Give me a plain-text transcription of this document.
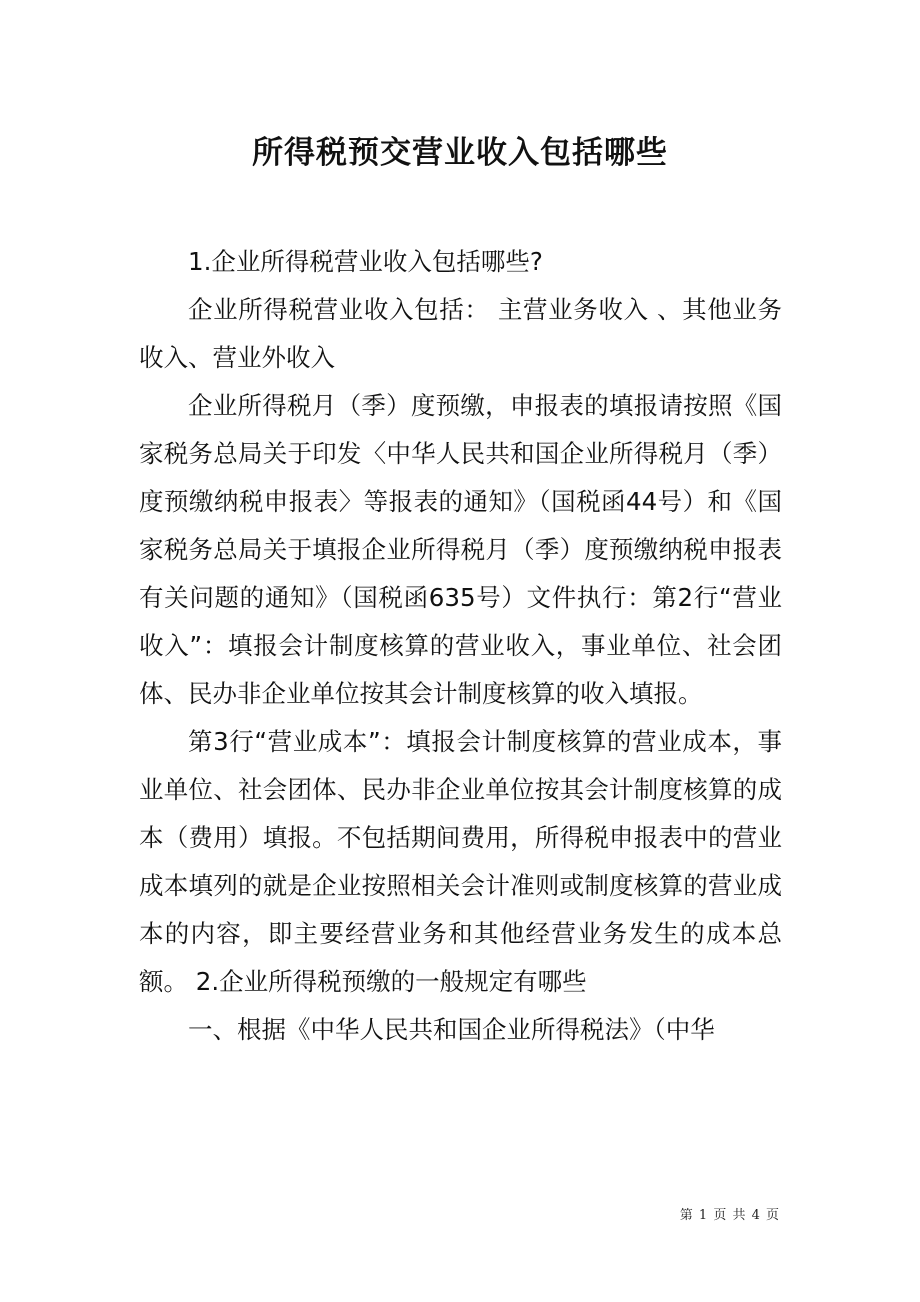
所得税预交营业收入包括哪些

1.企业所得税营业收入包括哪些?

企业所得税营业收入包括： 主营业务收入 、其他业务收入、营业外收入

企业所得税月（季）度预缴，申报表的填报请按照《国家税务总局关于印发〈中华人民共和国企业所得税月（季）度预缴纳税申报表〉等报表的通知》（国税函44号）和《国家税务总局关于填报企业所得税月（季）度预缴纳税申报表有关问题的通知》（国税函635号）文件执行：第2行“营业收入”：填报会计制度核算的营业收入，事业单位、社会团体、民办非企业单位按其会计制度核算的收入填报。

第3行“营业成本”：填报会计制度核算的营业成本，事业单位、社会团体、民办非企业单位按其会计制度核算的成本（费用）填报。不包括期间费用，所得税申报表中的营业成本填列的就是企业按照相关会计准则或制度核算的营业成本的内容，即主要经营业务和其他经营业务发生的成本总额。 2.企业所得税预缴的一般规定有哪些

一、根据《中华人民共和国企业所得税法》（中华

第 1 页 共 4 页
